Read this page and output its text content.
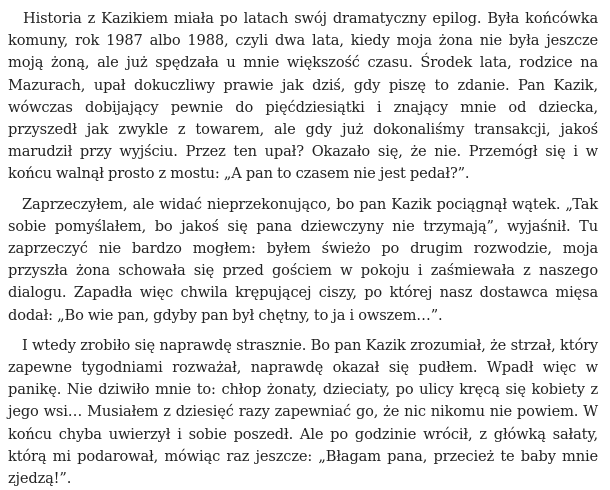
Historia z Kazikiem miała po latach swój dramatyczny epilog. Była końcówka komuny, rok 1987 albo 1988, czyli dwa lata, kiedy moja żona nie była jeszcze moją żoną, ale już spędzała u mnie większość czasu. Środek lata, rodzice na Mazurach, upał dokuczliwy prawie jak dziś, gdy piszę to zdanie. Pan Kazik, wówczas dobijający pewnie do pięćdziesiątki i znający mnie od dziecka, przyszedł jak zwykle z towarem, ale gdy już dokonaliśmy transakcji, jakoś marudził przy wyjściu. Przez ten upał? Okazało się, że nie. Przemógł się i w końcu walnął prosto z mostu: „A pan to czasem nie jest pedał?”.

Zaprzeczyłem, ale widać nieprzekonująco, bo pan Kazik pociągnął wątek. „Tak sobie pomyślałem, bo jakoś się pana dziewczyny nie trzymają”, wyjaśnił. Tu zaprzeczyć nie bardzo mogłem: byłem świeżo po drugim rozwodzie, moja przyszła żona schowała się przed gościem w pokoju i zaśmiewała z naszego dialogu. Zapadła więc chwila krępującej ciszy, po której nasz dostawca mięsa dodał: „Bo wie pan, gdyby pan był chętny, to ja i owszem…”.

I wtedy zrobiło się naprawdę strasznie. Bo pan Kazik zrozumiał, że strzał, który zapewne tygodniami rozważał, naprawdę okazał się pudłem. Wpadł więc w panikę. Nie dziwiło mnie to: chłop żonaty, dzieciaty, po ulicy kręcą się kobiety z jego wsi… Musiałem z dziesięć razy zapewniać go, że nic nikomu nie powiem. W końcu chyba uwierzył i sobie poszedł. Ale po godzinie wrócił, z główką sałaty, którą mi podarował, mówiąc raz jeszcze: „Błagam pana, przecież te baby mnie zjedzą!”.
